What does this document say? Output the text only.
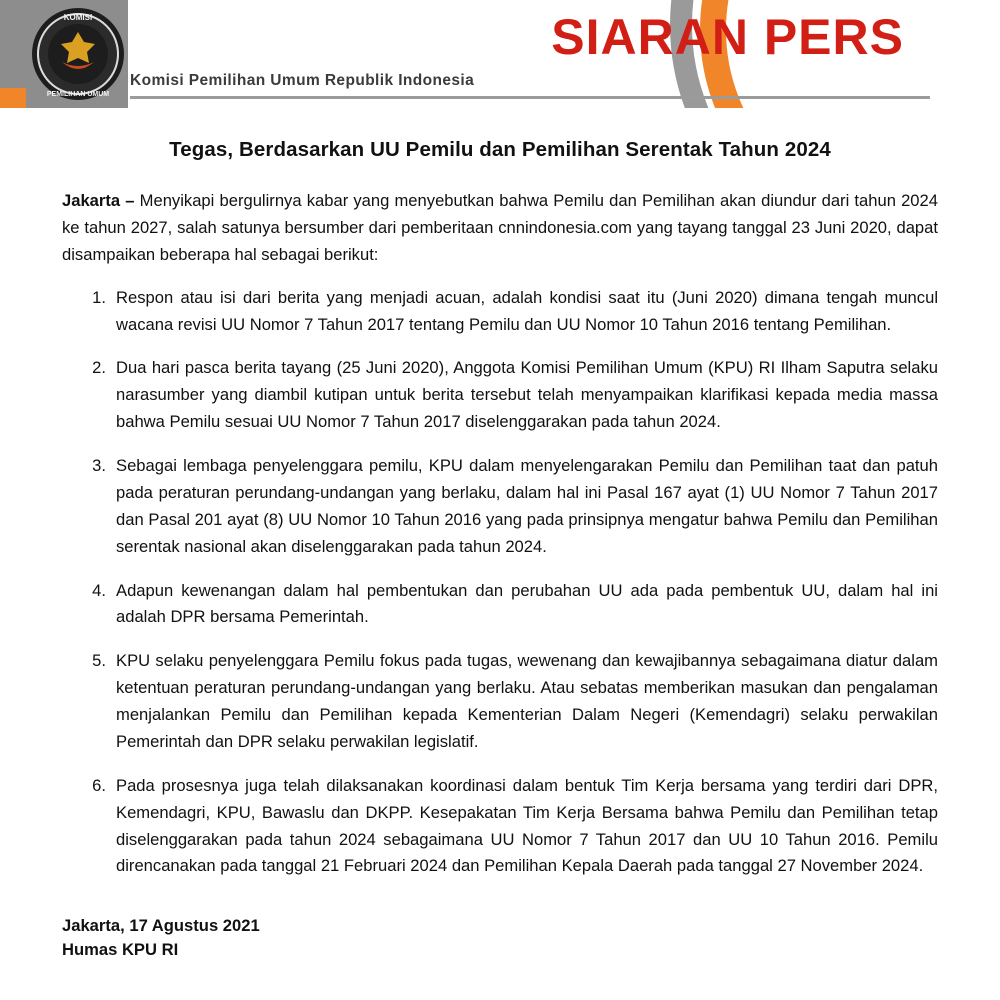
KOMISI
PEMILIHAN UMUM
SIARAN PERS
Komisi Pemilihan Umum Republik Indonesia
Tegas, Berdasarkan UU Pemilu dan Pemilihan Serentak Tahun 2024

Jakarta – Menyikapi bergulirnya kabar yang menyebutkan bahwa Pemilu dan Pemilihan akan diundur dari tahun 2024 ke tahun 2027, salah satunya bersumber dari pemberitaan cnnindonesia.com yang tayang tanggal 23 Juni 2020, dapat disampaikan beberapa hal sebagai berikut:

1. Respon atau isi dari berita yang menjadi acuan, adalah kondisi saat itu (Juni 2020) dimana tengah muncul wacana revisi UU Nomor 7 Tahun 2017 tentang Pemilu dan UU Nomor 10 Tahun 2016 tentang Pemilihan.
2. Dua hari pasca berita tayang (25 Juni 2020), Anggota Komisi Pemilihan Umum (KPU) RI Ilham Saputra selaku narasumber yang diambil kutipan untuk berita tersebut telah menyampaikan klarifikasi kepada media massa bahwa Pemilu sesuai UU Nomor 7 Tahun 2017 diselenggarakan pada tahun 2024.
3. Sebagai lembaga penyelenggara pemilu, KPU dalam menyelengarakan Pemilu dan Pemilihan taat dan patuh pada peraturan perundang-undangan yang berlaku, dalam hal ini Pasal 167 ayat (1) UU Nomor 7 Tahun 2017 dan Pasal 201 ayat (8) UU Nomor 10 Tahun 2016 yang pada prinsipnya mengatur bahwa Pemilu dan Pemilihan serentak nasional akan diselenggarakan pada tahun 2024.
4. Adapun kewenangan dalam hal pembentukan dan perubahan UU ada pada pembentuk UU, dalam hal ini adalah DPR bersama Pemerintah.
5. KPU selaku penyelenggara Pemilu fokus pada tugas, wewenang dan kewajibannya sebagaimana diatur dalam ketentuan peraturan perundang-undangan yang berlaku. Atau sebatas memberikan masukan dan pengalaman menjalankan Pemilu dan Pemilihan kepada Kementerian Dalam Negeri (Kemendagri) selaku perwakilan Pemerintah dan DPR selaku perwakilan legislatif.
6. Pada prosesnya juga telah dilaksanakan koordinasi dalam bentuk Tim Kerja bersama yang terdiri dari DPR, Kemendagri, KPU, Bawaslu dan DKPP. Kesepakatan Tim Kerja Bersama bahwa Pemilu dan Pemilihan tetap diselenggarakan pada tahun 2024 sebagaimana UU Nomor 7 Tahun 2017 dan UU 10 Tahun 2016. Pemilu direncanakan pada tanggal 21 Februari 2024 dan Pemilihan Kepala Daerah pada tanggal 27 November 2024.
Jakarta, 17 Agustus 2021
Humas KPU RI
